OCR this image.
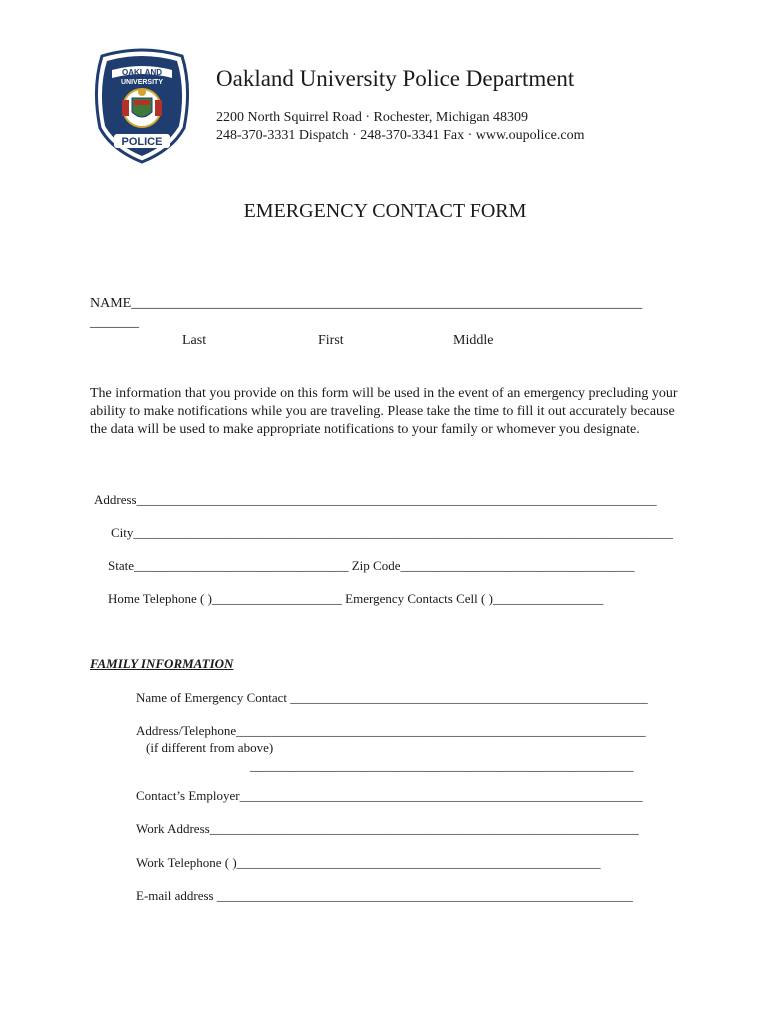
OAKLAND
UNIVERSITY
POLICE
Oakland University Police Department
2200 North Squirrel Road · Rochester, Michigan 48309
248-370-3331 Dispatch · 248-370-3341 Fax · www.oupolice.com
EMERGENCY CONTACT FORM
NAME_________________________________________________________________________
_______
Last	First	Middle
The information that you provide on this form will be used in the event of an emergency precluding your ability to make notifications while you are traveling. Please take the time to fill it out accurately because the data will be used to make appropriate notifications to your family or whomever you designate.
Address________________________________________________________________________________
City___________________________________________________________________________________
State_________________________________ Zip Code____________________________________
Home Telephone ( )____________________ Emergency Contacts Cell ( )_________________
FAMILY INFORMATION
Name of Emergency Contact _______________________________________________________
Address/Telephone_______________________________________________________________
(if different from above)
___________________________________________________________
Contact’s Employer______________________________________________________________
Work Address__________________________________________________________________
Work Telephone ( )________________________________________________________
E-mail address ________________________________________________________________
